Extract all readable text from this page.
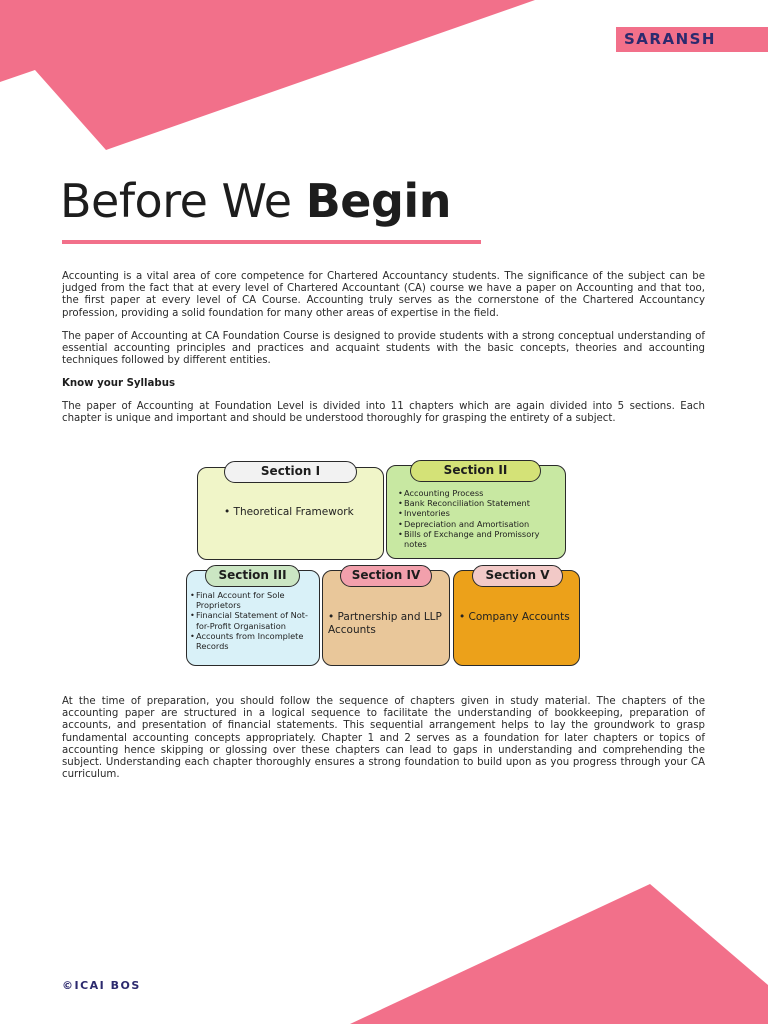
SARANSH
Before We Begin

Accounting is a vital area of core competence for Chartered Accountancy students. The significance of the subject can be judged from the fact that at every level of Chartered Accountant (CA) course we have a paper on Accounting and that too, the first paper at every level of CA Course. Accounting truly serves as the cornerstone of the Chartered Accountancy profession, providing a solid foundation for many other areas of expertise in the field.

The paper of Accounting at CA Foundation Course is designed to provide students with a strong conceptual understanding of essential accounting principles and practices and acquaint students with the basic concepts, theories and accounting techniques followed by different entities.

Know your Syllabus

The paper of Accounting at Foundation Level is divided into 11 chapters which are again divided into 5 sections. Each chapter is unique and important and should be understood thoroughly for grasping the entirety of a subject.

Section I
• Theoretical Framework
Section II
• Accounting Process
• Bank Reconciliation Statement
• Inventories
• Depreciation and Amortisation
• Bills of Exchange and Promissory notes
Section III
• Final Account for Sole Proprietors
• Financial Statement of Not-for-Profit Organisation
• Accounts from Incomplete Records
Section IV
• Partnership and LLP Accounts
Section V
• Company Accounts

At the time of preparation, you should follow the sequence of chapters given in study material. The chapters of the accounting paper are structured in a logical sequence to facilitate the understanding of bookkeeping, preparation of accounts, and presentation of financial statements. This sequential arrangement helps to lay the groundwork to grasp fundamental accounting concepts appropriately. Chapter 1 and 2 serves as a foundation for later chapters or topics of accounting hence skipping or glossing over these chapters can lead to gaps in understanding and comprehending the subject. Understanding each chapter thoroughly ensures a strong foundation to build upon as you progress through your CA curriculum.

©ICAI BOS
